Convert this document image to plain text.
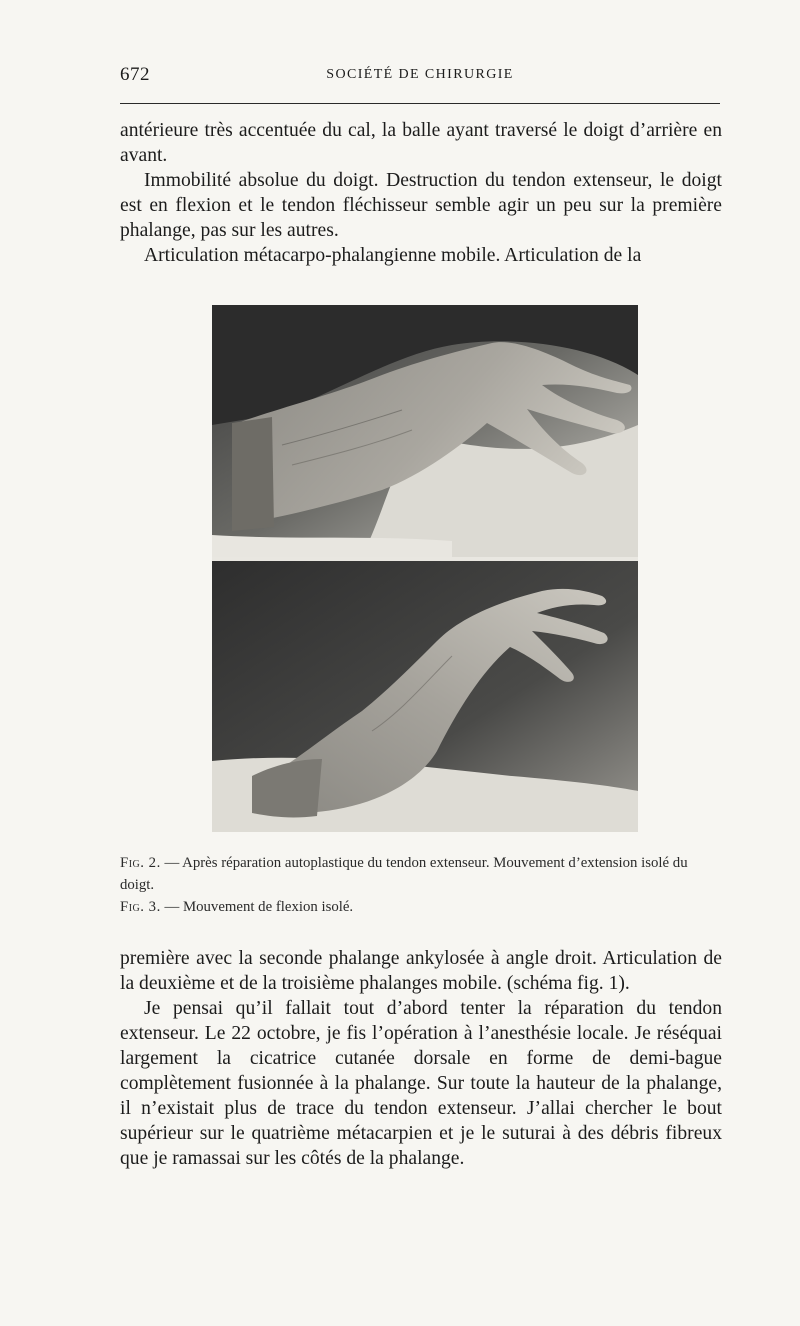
672	SOCIÉTÉ DE CHIRURGIE

antérieure très accentuée du cal, la balle ayant traversé le doigt d’arrière en avant.

Immobilité absolue du doigt. Destruction du tendon extenseur, le doigt est en flexion et le tendon fléchisseur semble agir un peu sur la première phalange, pas sur les autres.

Articulation métacarpo-phalangienne mobile. Articulation de la

Fig. 2. — Après réparation autoplastique du tendon extenseur. Mouvement d’extension isolé du doigt.

Fig. 3. — Mouvement de flexion isolé.

première avec la seconde phalange ankylosée à angle droit. Articulation de la deuxième et de la troisième phalanges mobile. (schéma fig. 1).

Je pensai qu’il fallait tout d’abord tenter la réparation du tendon extenseur. Le 22 octobre, je fis l’opération à l’anesthésie locale. Je réséquai largement la cicatrice cutanée dorsale en forme de demi-bague complètement fusionnée à la phalange. Sur toute la hauteur de la phalange, il n’existait plus de trace du tendon extenseur. J’allai chercher le bout supérieur sur le quatrième métacarpien et je le suturai à des débris fibreux que je ramassai sur les côtés de la phalange.
